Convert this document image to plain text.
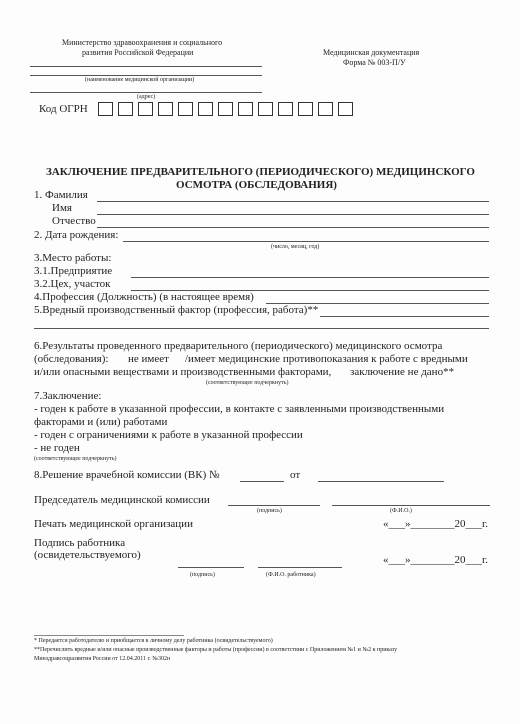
Министерство здравоохранения и социального
развития Российской Федерации
(наименование медицинской организации)
(адрес)
Медицинская документация
Форма № 003-П/У
Код ОГРН
ЗАКЛЮЧЕНИЕ ПРЕДВАРИТЕЛЬНОГО (ПЕРИОДИЧЕСКОГО) МЕДИЦИНСКОГО
ОСМОТРА (ОБСЛЕДОВАНИЯ)
1. Фамилия
Имя
Отчество
2. Дата рождения:
(число, месяц, год)
3.Место работы:
3.1.Предприятие
3.2.Цех, участок
4.Профессия (Должность) (в настоящее время)
5.Вредный производственный фактор (профессия, работа)**
6.Результаты проведенного предварительного (периодического) медицинского осмотра
(обследования): не имеет /имеет медицинские противопоказания к работе с вредными
и/или опасными веществами и производственными факторами, заключение не дано**
(соответствующее подчеркнуть)
7.Заключение:
- годен к работе в указанной профессии, в контакте с заявленными производственными
факторами и (или) работами
- годен с ограничениями к работе в указанной профессии
- не годен
(соответствующее подчеркнуть)
8.Решение врачебной комиссии (ВК) №	от
Председатель медицинской комиссии
(подпись)	(Ф.И.О.)
Печать медицинской организации	«___»________20___г.
Подпись работника
(освидетельствуемого)	«___»________20___г.
(подпись)	(Ф.И.О. работника)
* Передается работодателю и приобщается к личному делу работника (освидетельствуемого)
**Перечислить вредные и/или опасные производственные факторы и работы (профессии) в соответствии с Приложением №1 и №2 к приказу
Минздравсоцразвития России от 12.04.2011 г. №302н
